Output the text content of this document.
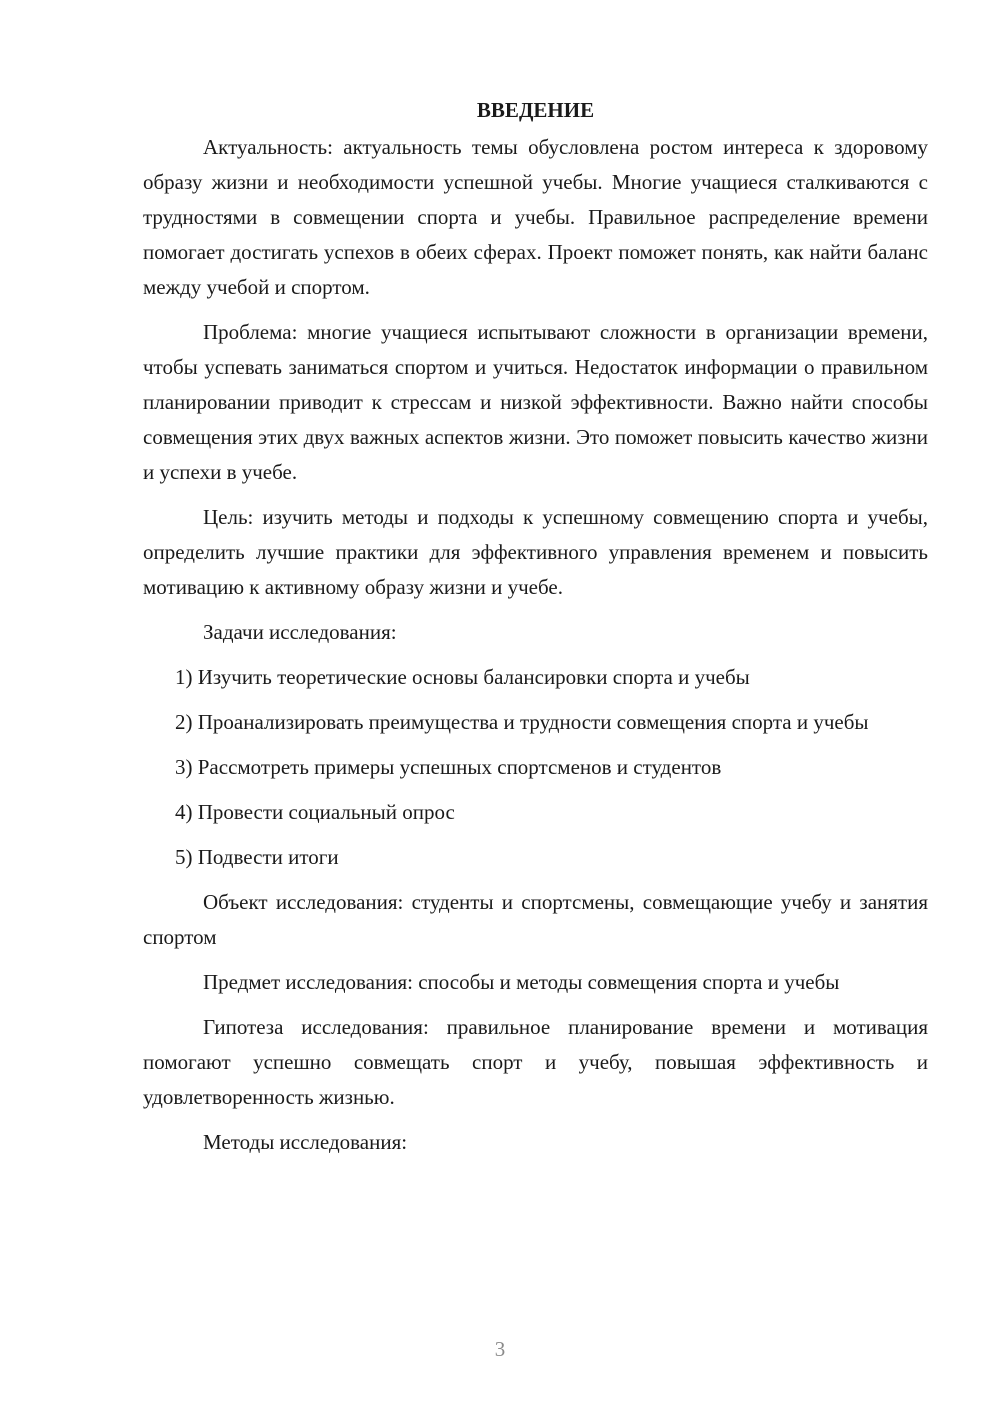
ВВЕДЕНИЕ

Актуальность: актуальность темы обусловлена ростом интереса к здоровому образу жизни и необходимости успешной учебы. Многие учащиеся сталкиваются с трудностями в совмещении спорта и учебы. Правильное распределение времени помогает достигать успехов в обеих сферах. Проект поможет понять, как найти баланс между учебой и спортом.

Проблема: многие учащиеся испытывают сложности в организации времени, чтобы успевать заниматься спортом и учиться. Недостаток информации о правильном планировании приводит к стрессам и низкой эффективности. Важно найти способы совмещения этих двух важных аспектов жизни. Это поможет повысить качество жизни и успехи в учебе.

Цель: изучить методы и подходы к успешному совмещению спорта и учебы, определить лучшие практики для эффективного управления временем и повысить мотивацию к активному образу жизни и учебе.

Задачи исследования:

1) Изучить теоретические основы балансировки спорта и учебы

2) Проанализировать преимущества и трудности совмещения спорта и учебы

3) Рассмотреть примеры успешных спортсменов и студентов

4) Провести социальный опрос

5) Подвести итоги

Объект исследования: студенты и спортсмены, совмещающие учебу и занятия спортом

Предмет исследования: способы и методы совмещения спорта и учебы

Гипотеза исследования: правильное планирование времени и мотивация помогают успешно совмещать спорт и учебу, повышая эффективность и удовлетворенность жизнью.

Методы исследования:

3
